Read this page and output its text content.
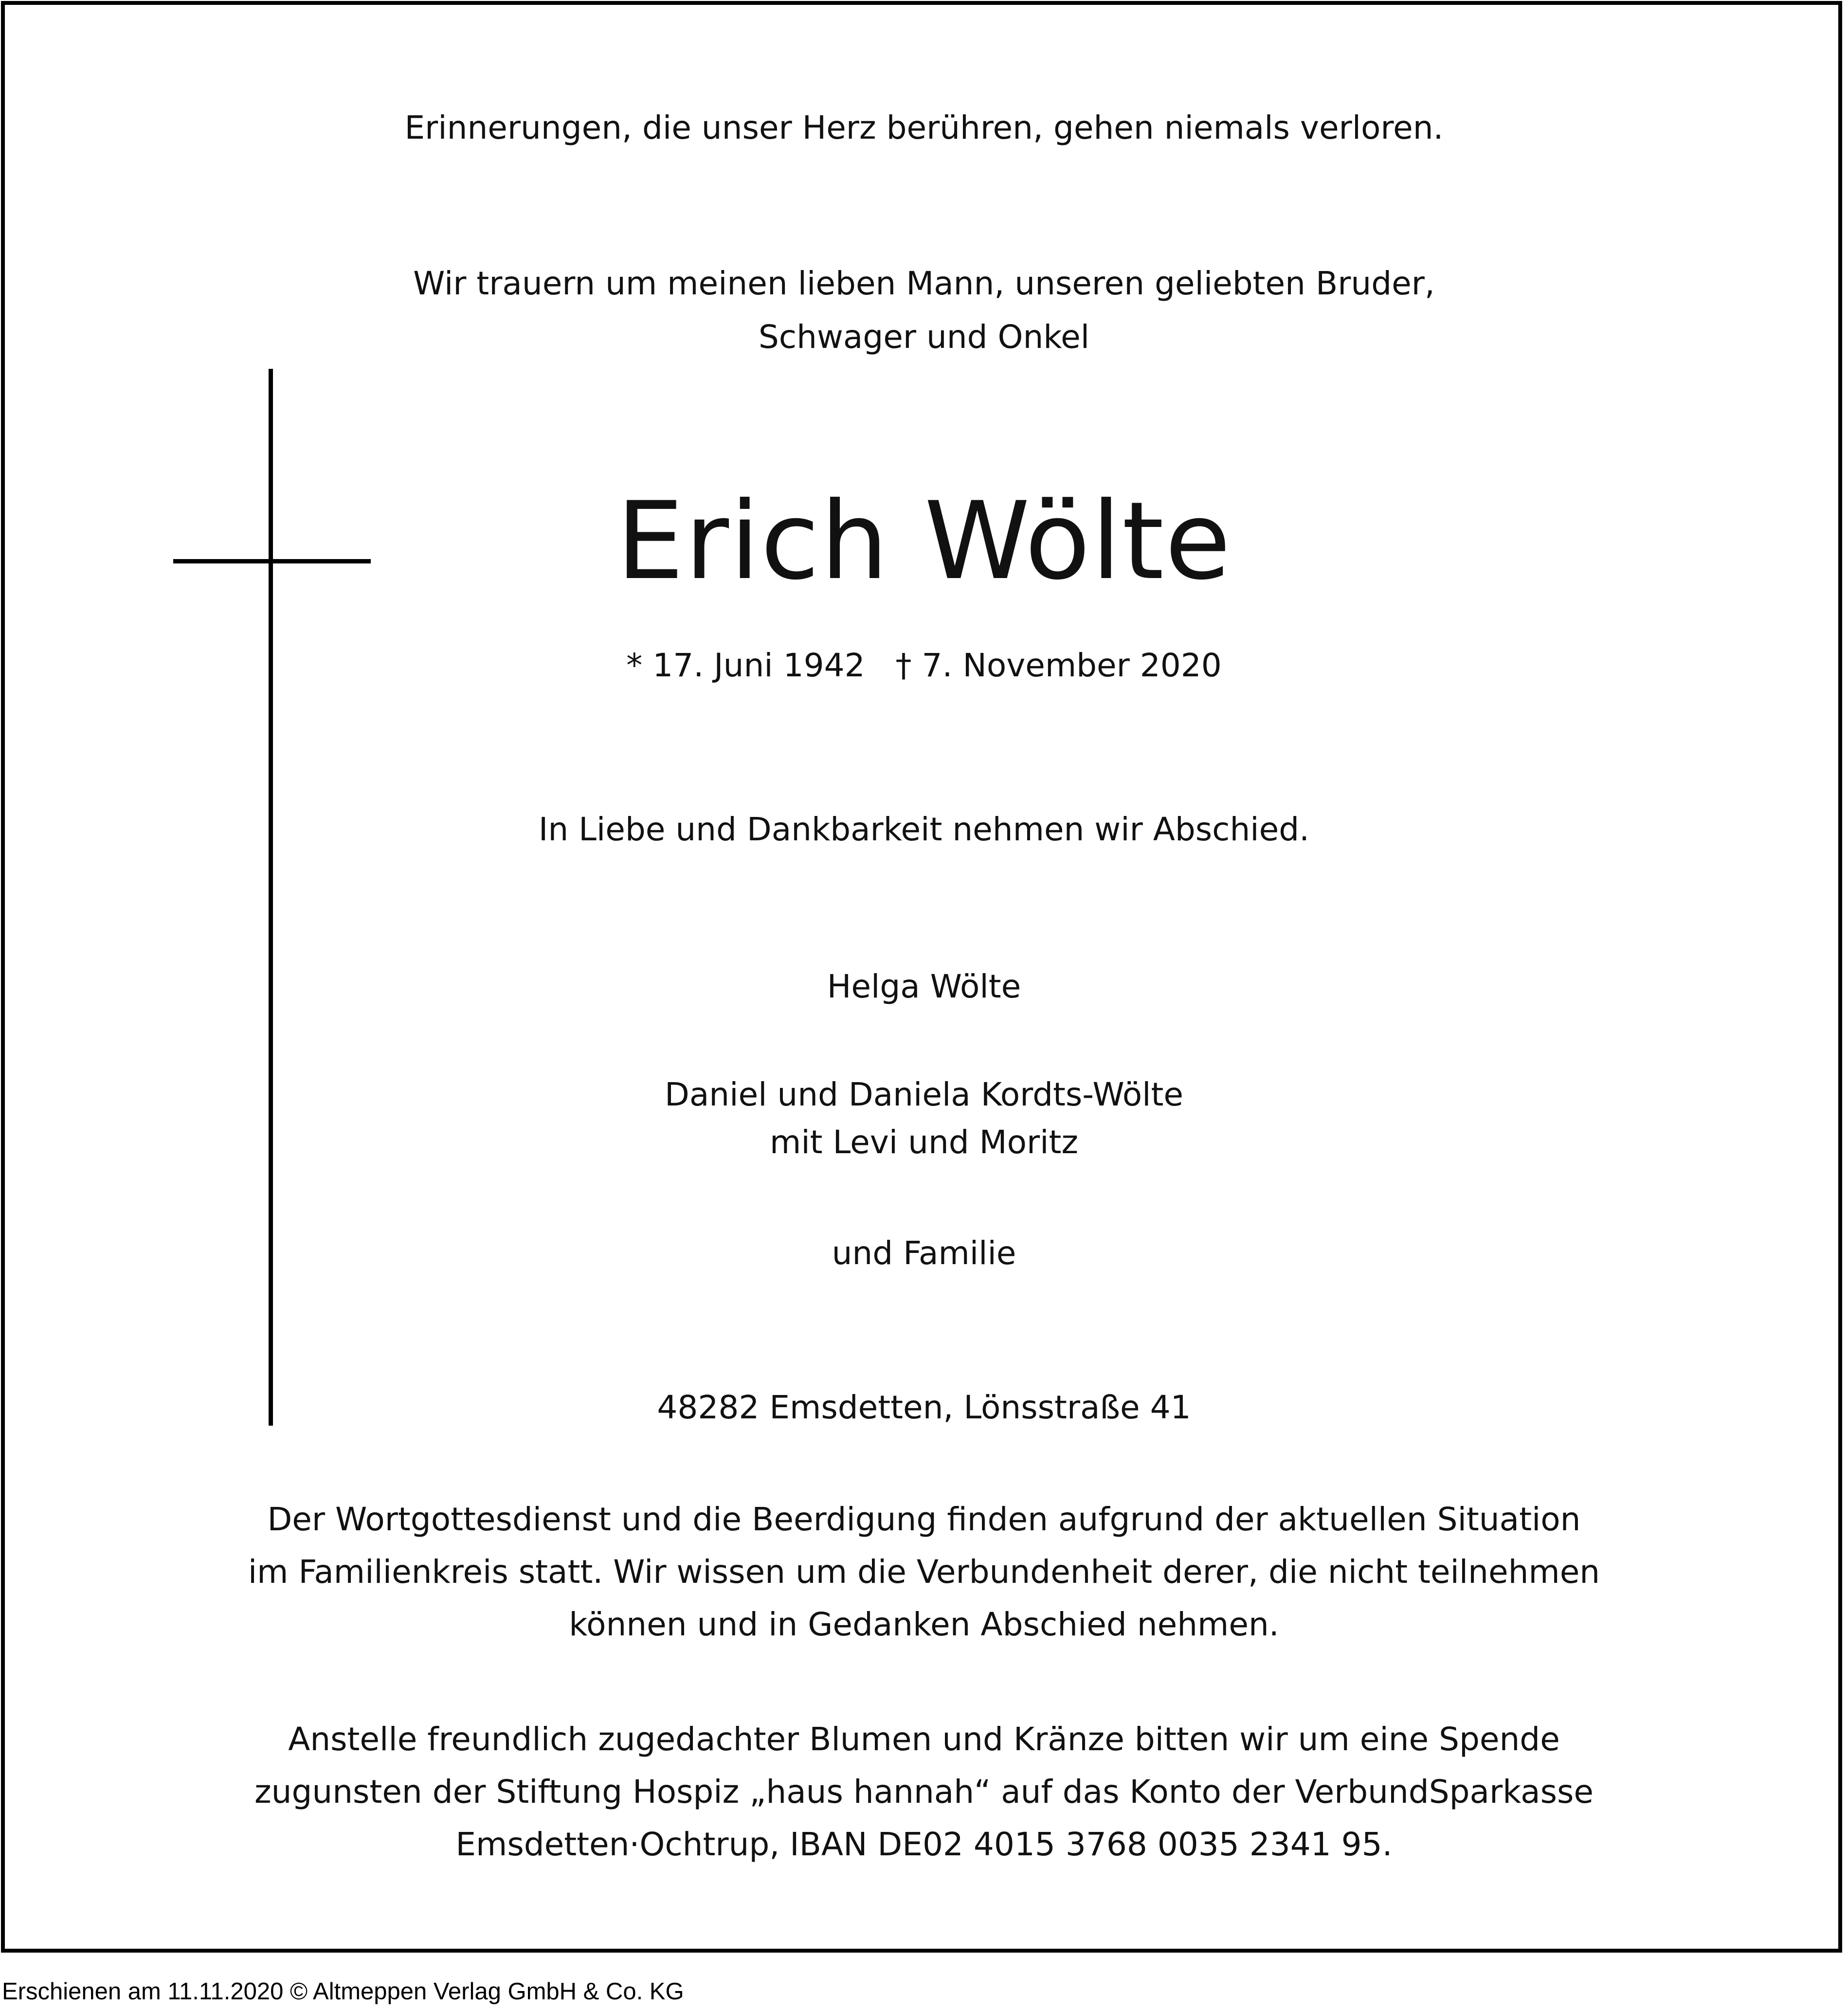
Erinnerungen, die unser Herz berühren, gehen niemals verloren.
Wir trauern um meinen lieben Mann, unseren geliebten Bruder,
Schwager und Onkel
Erich Wölte
* 17. Juni 1942   † 7. November 2020
In Liebe und Dankbarkeit nehmen wir Abschied.
Helga Wölte
Daniel und Daniela Kordts-Wölte
mit Levi und Moritz
und Familie
48282 Emsdetten, Lönsstraße 41
Der Wortgottesdienst und die Beerdigung finden aufgrund der aktuellen Situation
im Familienkreis statt. Wir wissen um die Verbundenheit derer, die nicht teilnehmen
können und in Gedanken Abschied nehmen.
Anstelle freundlich zugedachter Blumen und Kränze bitten wir um eine Spende
zugunsten der Stiftung Hospiz „haus hannah“ auf das Konto der VerbundSparkasse
Emsdetten·Ochtrup, IBAN DE02 4015 3768 0035 2341 95.
Erschienen am 11.11.2020 © Altmeppen Verlag GmbH & Co. KG
